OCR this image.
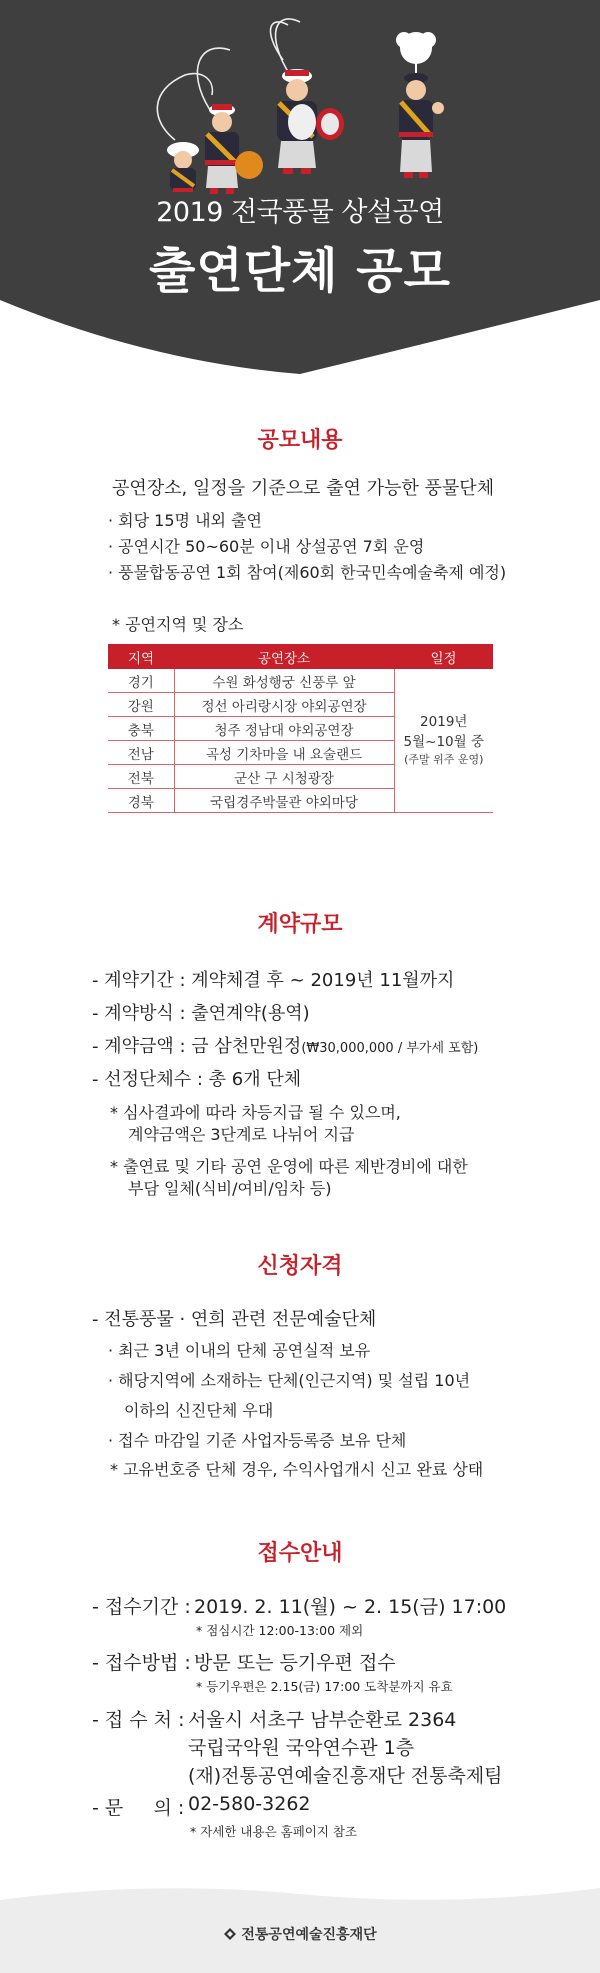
2019 전국풍물 상설공연
출연단체 공모
공모내용
공연장소, 일정을 기준으로 출연 가능한 풍물단체
· 회당 15명 내외 출연
· 공연시간 50~60분 이내 상설공연 7회 운영
· 풍물합동공연 1회 참여(제60회 한국민속예술축제 예정)
* 공연지역 및 장소
지역	공연장소	일정
경기	수원 화성행궁 신풍루 앞	2019년
5월~10월 중
(주말 위주 운영)

강원	정선 아리랑시장 야외공연장	
충북	청주 정남대 야외공연장	
전남	곡성 기차마을 내 요술랜드	
전북	군산 구 시청광장	
경북	국립경주박물관 야외마당	
계약규모
- 계약기간 : 계약체결 후 ~ 2019년 11월까지
- 계약방식 : 출연계약(용역)
- 계약금액 : 금 삼천만원정(₩30,000,000 / 부가세 포함)
- 선정단체수 : 총 6개 단체
* 심사결과에 따라 차등지급 될 수 있으며,
계약금액은 3단계로 나뉘어 지급
* 출연료 및 기타 공연 운영에 따른 제반경비에 대한
부담 일체(식비/여비/임차 등)
신청자격
- 전통풍물 · 연희 관련 전문예술단체
· 최근 3년 이내의 단체 공연실적 보유
· 해당지역에 소재하는 단체(인근지역) 및 설립 10년
이하의 신진단체 우대
· 접수 마감일 기준 사업자등록증 보유 단체
* 고유번호증 단체 경우, 수익사업개시 신고 완료 상태
접수안내
- 접수기간 : 2019. 2. 11(월) ~ 2. 15(금) 17:00
* 점심시간 12:00-13:00 제외
- 접수방법 : 방문 또는 등기우편 접수
* 등기우편은 2.15(금) 17:00 도착분까지 유효
- 접 수 처 : 서울시 서초구 남부순환로 2364
국립국악원 국악연수관 1층
(재)전통공연예술진흥재단 전통축제팀
- 문     의 : 02-580-3262
* 자세한 내용은 홈페이지 참조
전통공연예술진흥재단
